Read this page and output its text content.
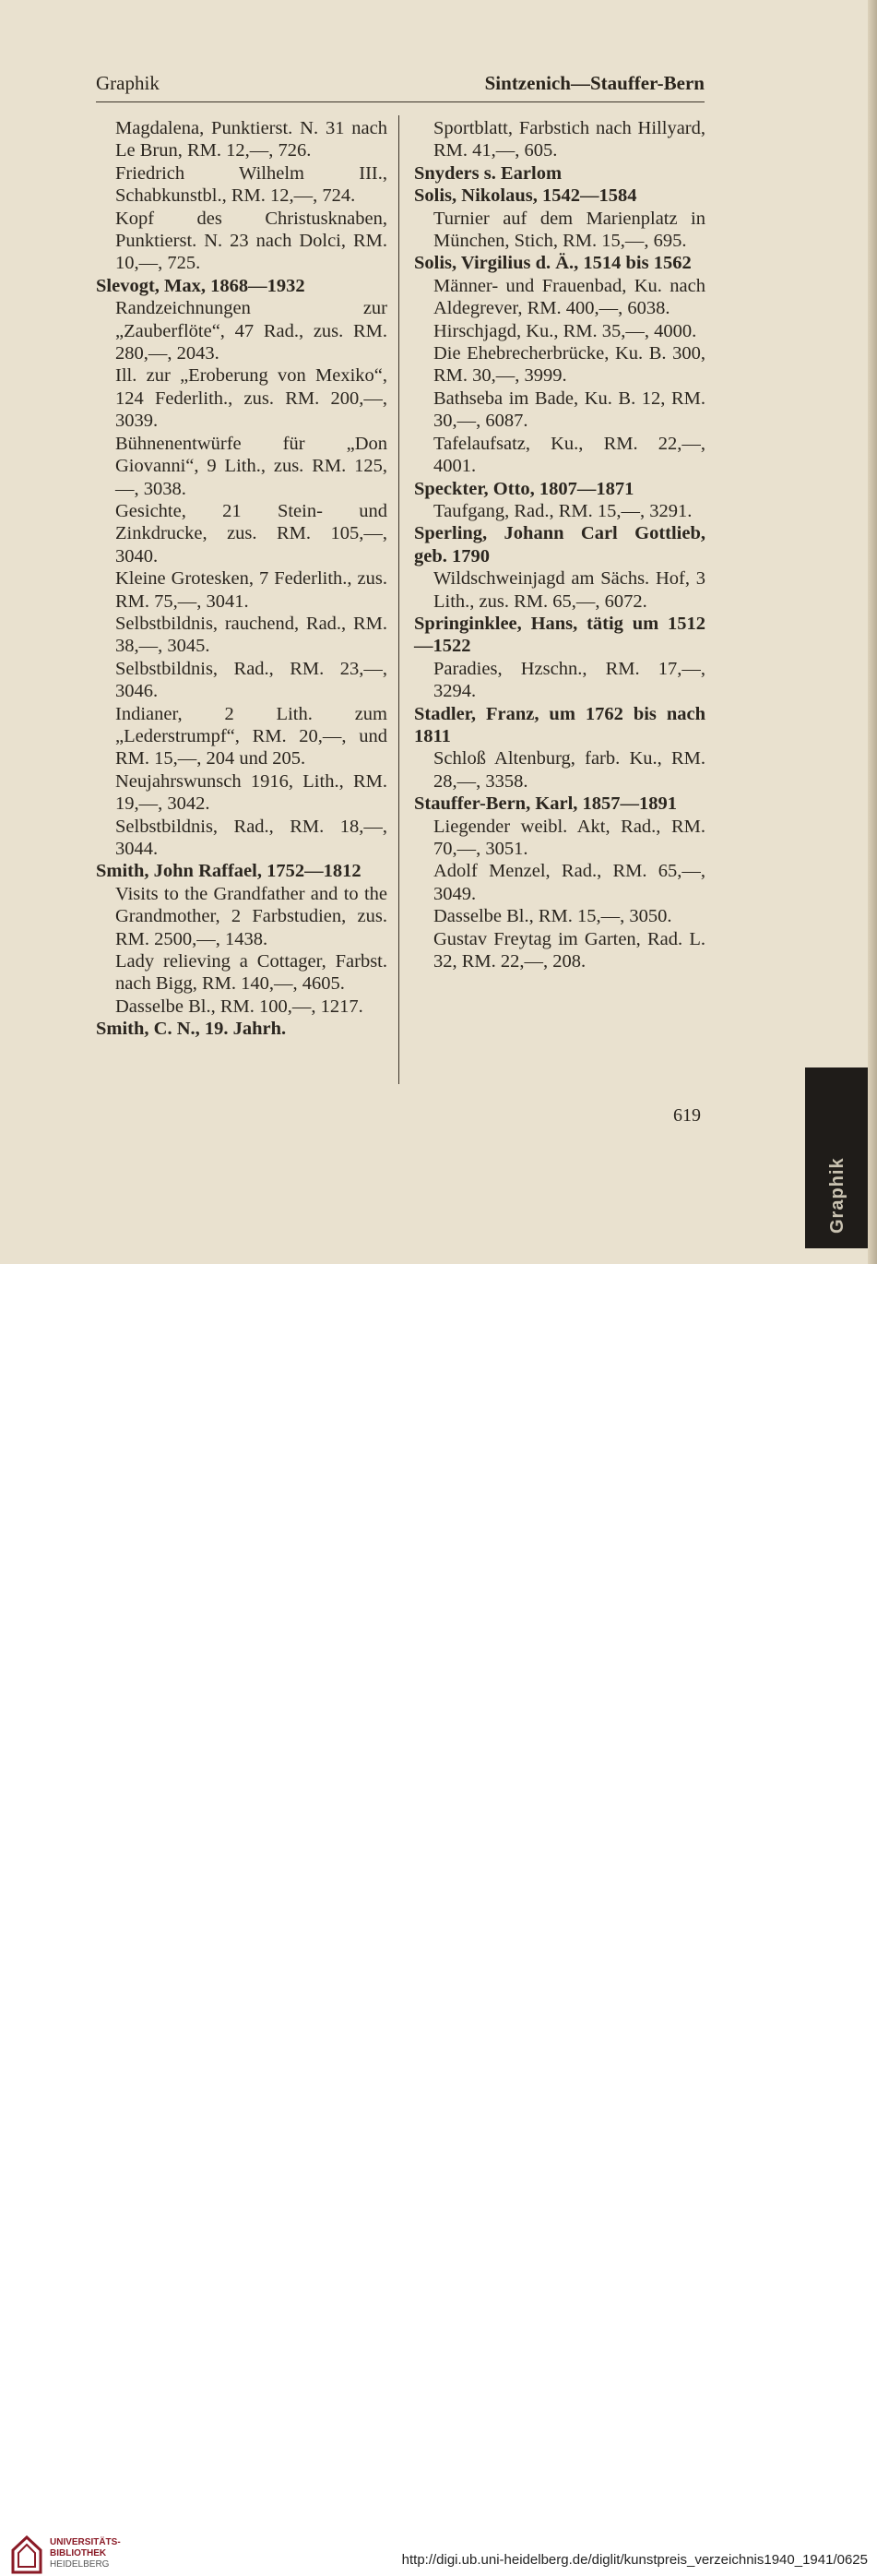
Graphik	Sintzenich—Stauffer-Bern
Magdalena, Punktierst. N. 31 nach Le Brun, RM. 12,—, 726.
Friedrich Wilhelm III., Schabkunstbl., RM. 12,—, 724.
Kopf des Christusknaben, Punktierst. N. 23 nach Dolci, RM. 10,—, 725.
Slevogt, Max, 1868—1932
Randzeichnungen zur „Zauberflöte“, 47 Rad., zus. RM. 280,—, 2043.
Ill. zur „Eroberung von Mexiko“, 124 Federlith., zus. RM. 200,—, 3039.
Bühnenentwürfe für „Don Giovanni“, 9 Lith., zus. RM. 125,—, 3038.
Gesichte, 21 Stein- und Zinkdrucke, zus. RM. 105,—, 3040.
Kleine Grotesken, 7 Federlith., zus. RM. 75,—, 3041.
Selbstbildnis, rauchend, Rad., RM. 38,—, 3045.
Selbstbildnis, Rad., RM. 23,—, 3046.
Indianer, 2 Lith. zum „Lederstrumpf“, RM. 20,—, und RM. 15,—, 204 und 205.
Neujahrswunsch 1916, Lith., RM. 19,—, 3042.
Selbstbildnis, Rad., RM. 18,—, 3044.
Smith, John Raffael, 1752—1812
Visits to the Grandfather and to the Grandmother, 2 Farbstudien, zus. RM. 2500,—, 1438.
Lady relieving a Cottager, Farbst. nach Bigg, RM. 140,—, 4605.
Dasselbe Bl., RM. 100,—, 1217.
Smith, C. N., 19. Jahrh.
Sportblatt, Farbstich nach Hillyard, RM. 41,—, 605.
Snyders s. Earlom
Solis, Nikolaus, 1542—1584
Turnier auf dem Marienplatz in München, Stich, RM. 15,—, 695.
Solis, Virgilius d. Ä., 1514 bis 1562
Männer- und Frauenbad, Ku. nach Aldegrever, RM. 400,—, 6038.
Hirschjagd, Ku., RM. 35,—, 4000.
Die Ehebrecherbrücke, Ku. B. 300, RM. 30,—, 3999.
Bathseba im Bade, Ku. B. 12, RM. 30,—, 6087.
Tafelaufsatz, Ku., RM. 22,—, 4001.
Speckter, Otto, 1807—1871
Taufgang, Rad., RM. 15,—, 3291.
Sperling, Johann Carl Gottlieb, geb. 1790
Wildschweinjagd am Sächs. Hof, 3 Lith., zus. RM. 65,—, 6072.
Springinklee, Hans, tätig um 1512—1522
Paradies, Hzschn., RM. 17,—, 3294.
Stadler, Franz, um 1762 bis nach 1811
Schloß Altenburg, farb. Ku., RM. 28,—, 3358.
Stauffer-Bern, Karl, 1857—1891
Liegender weibl. Akt, Rad., RM. 70,—, 3051.
Adolf Menzel, Rad., RM. 65,—, 3049.
Dasselbe Bl., RM. 15,—, 3050.
Gustav Freytag im Garten, Rad. L. 32, RM. 22,—, 208.
619
Graphik
UNIVERSITÄTS-
BIBLIOTHEK
HEIDELBERG	http://digi.ub.uni-heidelberg.de/diglit/kunstpreis_verzeichnis1940_1941/0625
